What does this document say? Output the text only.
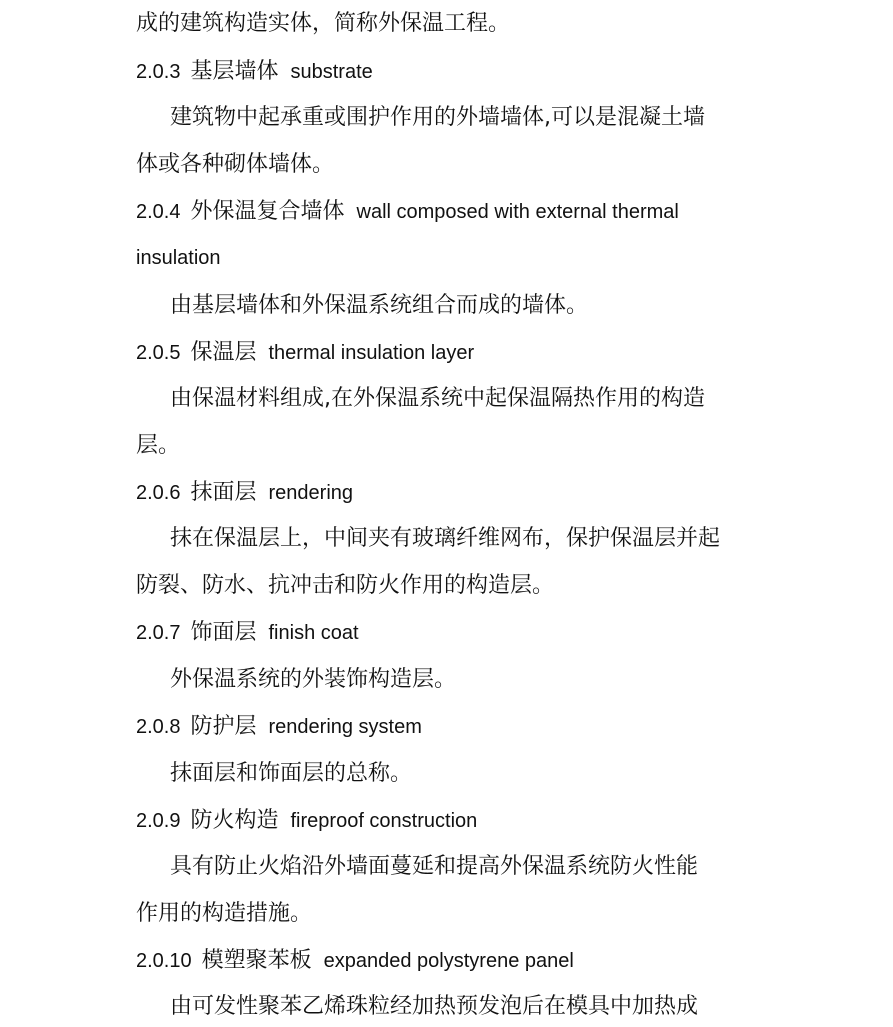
成的建筑构造实体，简称外保温工程。
2.0.3 基层墙体 substrate
建筑物中起承重或围护作用的外墙墙体,可以是混凝土墙
体或各种砌体墙体。
2.0.4 外保温复合墙体 wall composed with external thermal
insulation
由基层墙体和外保温系统组合而成的墙体。
2.0.5 保温层 thermal insulation layer
由保温材料组成,在外保温系统中起保温隔热作用的构造
层。
2.0.6 抹面层 rendering
抹在保温层上，中间夹有玻璃纤维网布，保护保温层并起
防裂、防水、抗冲击和防火作用的构造层。
2.0.7 饰面层 finish coat
外保温系统的外装饰构造层。
2.0.8 防护层 rendering system
抹面层和饰面层的总称。
2.0.9 防火构造 fireproof construction
具有防止火焰沿外墙面蔓延和提高外保温系统防火性能
作用的构造措施。
2.0.10 模塑聚苯板 expanded polystyrene panel
由可发性聚苯乙烯珠粒经加热预发泡后在模具中加热成
